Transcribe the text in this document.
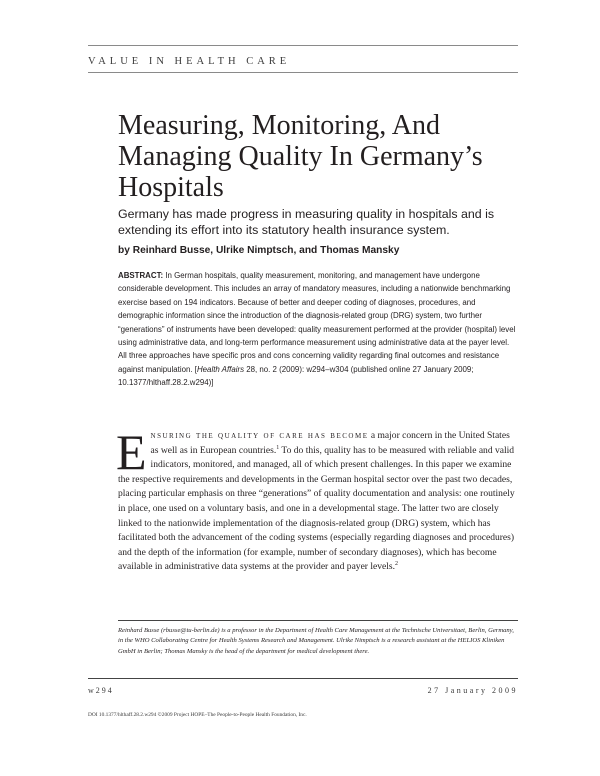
VALUE IN HEALTH CARE
Measuring, Monitoring, And
Managing Quality In Germany’s
Hospitals
Germany has made progress in measuring quality in hospitals and is
extending its effort into its statutory health insurance system.
by Reinhard Busse, Ulrike Nimptsch, and Thomas Mansky
ABSTRACT: In German hospitals, quality measurement, monitoring, and management have undergone considerable development. This includes an array of mandatory measures, including a nationwide benchmarking exercise based on 194 indicators. Because of better and deeper coding of diagnoses, procedures, and demographic information since the introduction of the diagnosis-related group (DRG) system, two further “generations” of instruments have been developed: quality measurement performed at the provider (hospital) level using administrative data, and long-term performance measurement using administrative data at the payer level. All three approaches have specific pros and cons concerning validity regarding final outcomes and resistance against manipulation. [Health Affairs 28, no. 2 (2009): w294–w304 (published online 27 January 2009; 10.1377/hlthaff.28.2.w294)]
Ensuring the quality of care has become a major concern in the United States as well as in European countries.$^1$ To do this, quality has to be measured with reliable and valid indicators, monitored, and managed, all of which present challenges. In this paper we examine the respective requirements and developments in the German hospital sector over the past two decades, placing particular emphasis on three “generations” of quality documentation and analysis: one routinely in place, one used on a voluntary basis, and one in a developmental stage. The latter two are closely linked to the nationwide implementation of the diagnosis-related group (DRG) system, which has facilitated both the advancement of the coding systems (especially regarding diagnoses and procedures) and the depth of the information (for example, number of secondary diagnoses), which has become available in administrative data systems at the provider and payer levels.$^2$
Reinhard Busse (rbusse@tu-berlin.de) is a professor in the Department of Health Care Management at the Technische Universitaet, Berlin, Germany, in the WHO Collaborating Centre for Health Systems Research and Management. Ulrike Nimptsch is a research assistant at the HELIOS Kliniken GmbH in Berlin; Thomas Mansky is the head of the department for medical development there.
w294	27 January 2009
DOI 10.1377/hlthaff.28.2.w294 ©2009 Project HOPE–The People-to-People Health Foundation, Inc.
